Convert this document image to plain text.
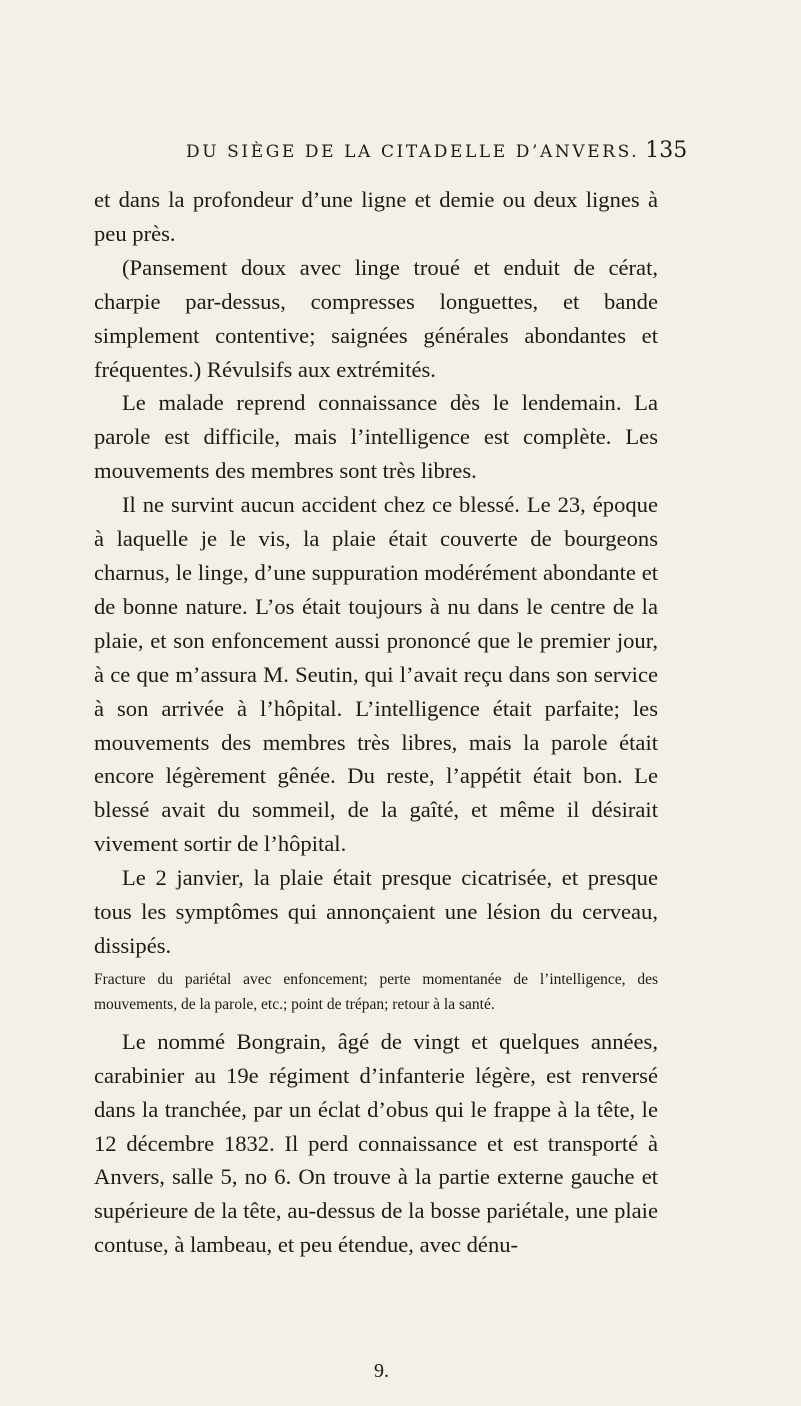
DU SIÈGE DE LA CITADELLE D’ANVERS. 135

et dans la profondeur d’une ligne et demie ou deux lignes à peu près.

(Pansement doux avec linge troué et enduit de cérat, charpie par-dessus, compresses longuettes, et bande simplement contentive; saignées générales abondantes et fréquentes.) Révulsifs aux extrémités.

Le malade reprend connaissance dès le lendemain. La parole est difficile, mais l’intelligence est complète. Les mouvements des membres sont très libres.

Il ne survint aucun accident chez ce blessé. Le 23, époque à laquelle je le vis, la plaie était couverte de bourgeons charnus, le linge, d’une suppuration modérément abondante et de bonne nature. L’os était toujours à nu dans le centre de la plaie, et son enfoncement aussi prononcé que le premier jour, à ce que m’assura M. Seutin, qui l’avait reçu dans son service à son arrivée à l’hôpital. L’intelligence était parfaite; les mouvements des membres très libres, mais la parole était encore légèrement gênée. Du reste, l’appétit était bon. Le blessé avait du sommeil, de la gaîté, et même il désirait vivement sortir de l’hôpital.

Le 2 janvier, la plaie était presque cicatrisée, et presque tous les symptômes qui annonçaient une lésion du cerveau, dissipés.

Fracture du pariétal avec enfoncement; perte momentanée de l’intelligence, des mouvements, de la parole, etc.; point de trépan; retour à la santé.

Le nommé Bongrain, âgé de vingt et quelques années, carabinier au 19e régiment d’infanterie légère, est renversé dans la tranchée, par un éclat d’obus qui le frappe à la tête, le 12 décembre 1832. Il perd connaissance et est transporté à Anvers, salle 5, no 6. On trouve à la partie externe gauche et supérieure de la tête, au-dessus de la bosse pariétale, une plaie contuse, à lambeau, et peu étendue, avec dénu-

9.
